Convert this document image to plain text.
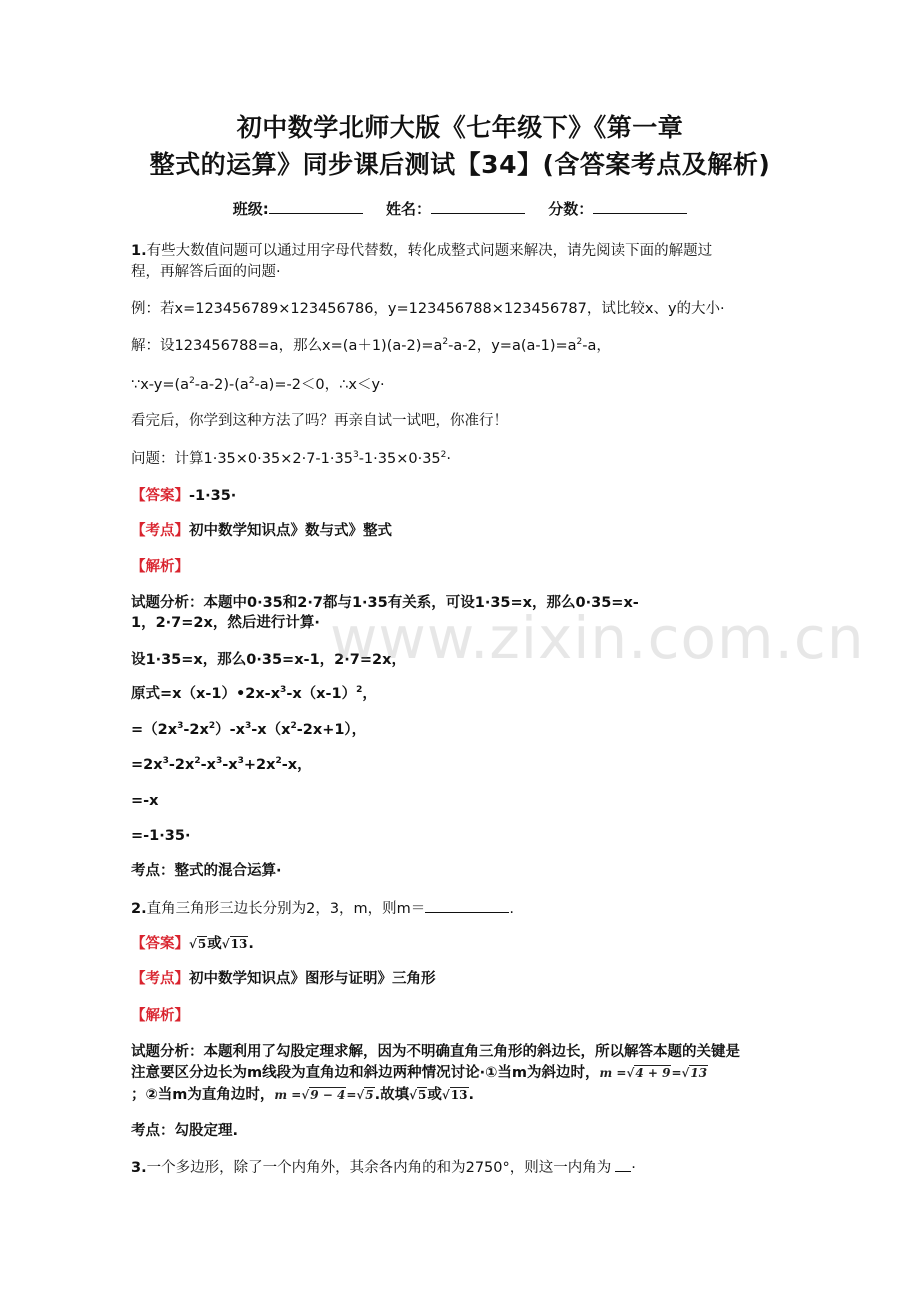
初中数学北师大版《七年级下》《第一章
整式的运算》同步课后测试【34】(含答案考点及解析)
班级:	姓名：	分数：
1.有些大数值问题可以通过用字母代替数，转化成整式问题来解决，请先阅读下面的解题过
程，再解答后面的问题·
例：若x=123456789×123456786，y=123456788×123456787，试比较x、y的大小·
解：设123456788=a，那么$x=(a+1)(a-2)=a^2-a-2$，$y=a(a-1)=a^2-a$，
$\because x-y=(a^2-a-2)-(a^2-a)=-2<0$，∴x＜y·
看完后，你学到这种方法了吗？再亲自试一试吧，你准行！
问题：计算$1\cdot 35\times 0\cdot 35\times 2\cdot 7-1\cdot 35^3-1\cdot 35\times 0\cdot 35^2\cdot$
【答案】-1·35·
【考点】初中数学知识点》数与式》整式
【解析】
试题分析：本题中0·35和2·7都与1·35有关系，可设1·35=x，那么0·35=x-
1，2·7=2x，然后进行计算·
设1·35=x，那么0·35=x-1，2·7=2x，
原式$=x(x-1)•2x-x^3-x(x-1)^2$，
$=(2x^3-2x^2)-x^3-x(x^2-2x+1)$，
$=2x^3-2x^2-x^3-x^3+2x^2-x$，
=-x
=-1·35·
考点：整式的混合运算·
2.直角三角形三边长分别为2，3，m，则m＝	.
【答案】√5或√13.
【考点】初中数学知识点》图形与证明》三角形
【解析】
试题分析：本题利用了勾股定理求解，因为不明确直角三角形的斜边长，所以解答本题的关键是
注意要区分边长为m线段为直角边和斜边两种情况讨论·①当m为斜边时，m =√4 + 9=√13
；②当m为直角边时，m =√9 − 4=√5.故填√5或√13.
考点：勾股定理.
3.一个多边形，除了一个内角外，其余各内角的和为2750°，则这一内角为 ·
www.zixin.com.cn
